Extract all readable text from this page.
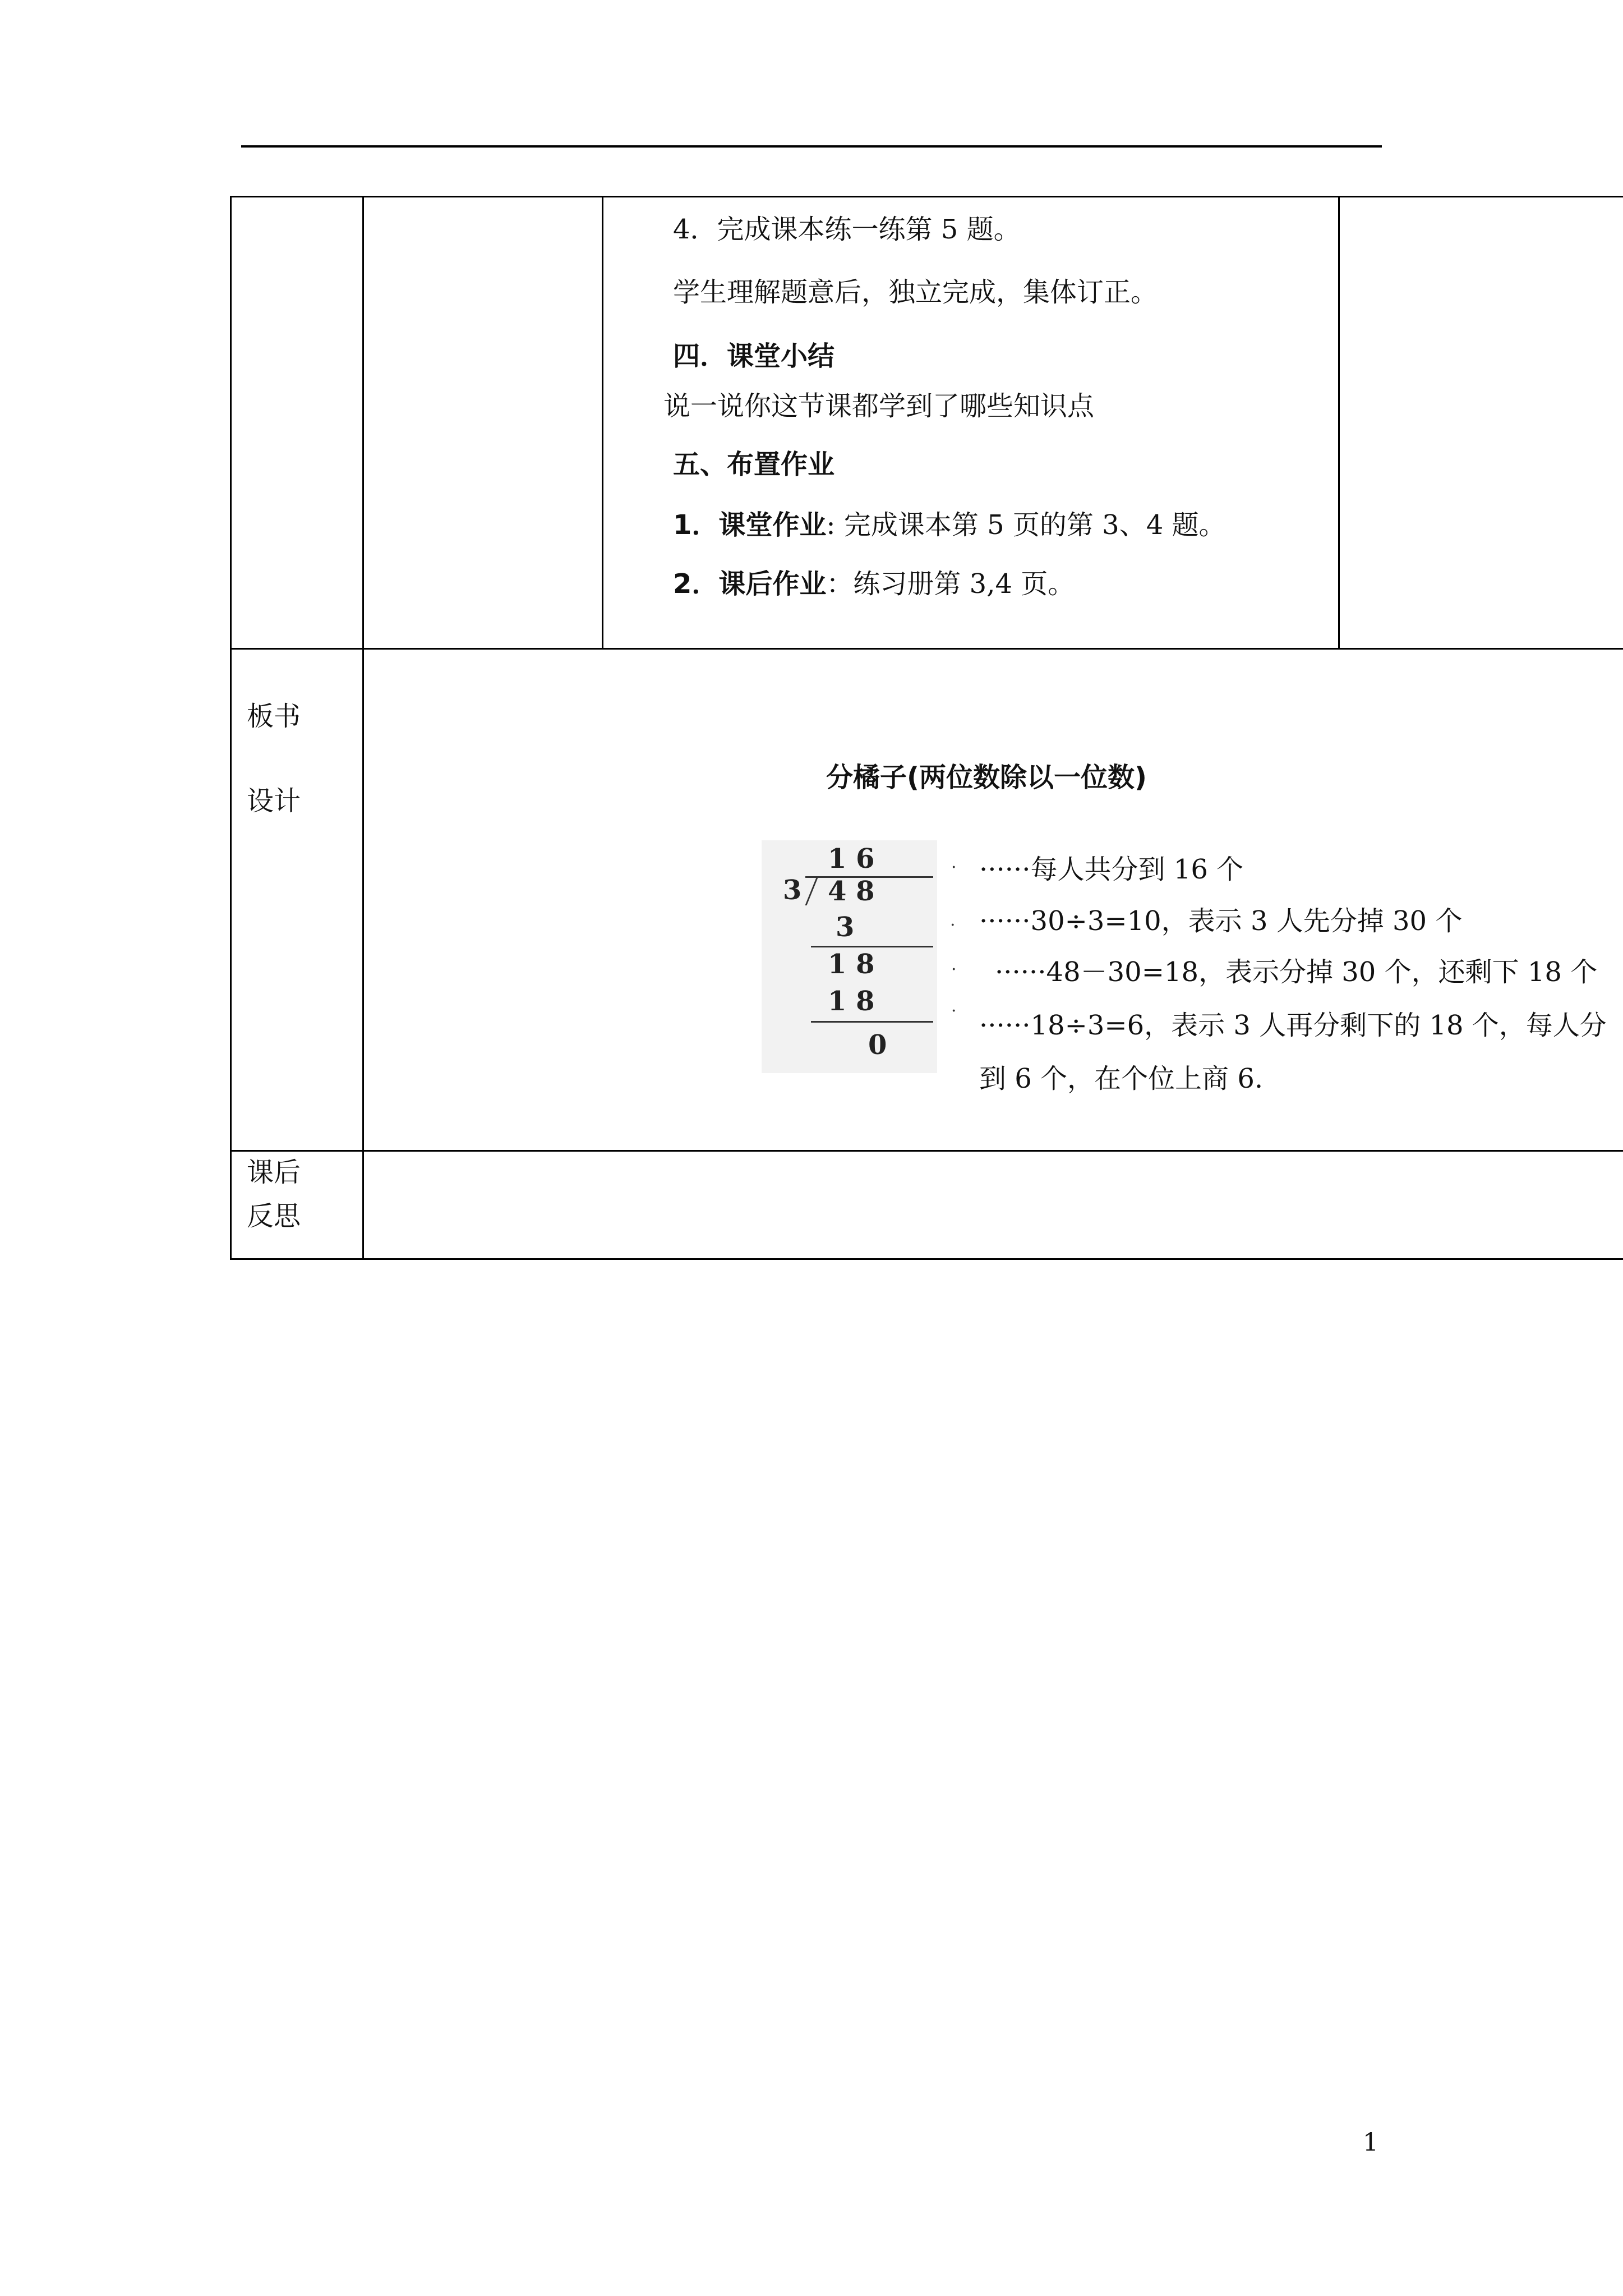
4．完成课本练一练第 5 题。
学生理解题意后，独立完成，集体订正。
四．课堂小结
说一说你这节课都学到了哪些知识点
五、布置作业
1．课堂作业: 完成课本第 5 页的第 3、4 题。
2．课后作业：练习册第 3,4 页。
板书
设计
分橘子(两位数除以一位数)
1 6
3 4 8
3
1 8
1 8
0
·
.
·
·
······每人共分到 16 个
······30÷3=10，表示 3 人先分掉 30 个
······48－30=18，表示分掉 30 个，还剩下 18 个
······18÷3=6，表示 3 人再分剩下的 18 个，每人分
到 6 个，在个位上商 6.
课后
反思
1
